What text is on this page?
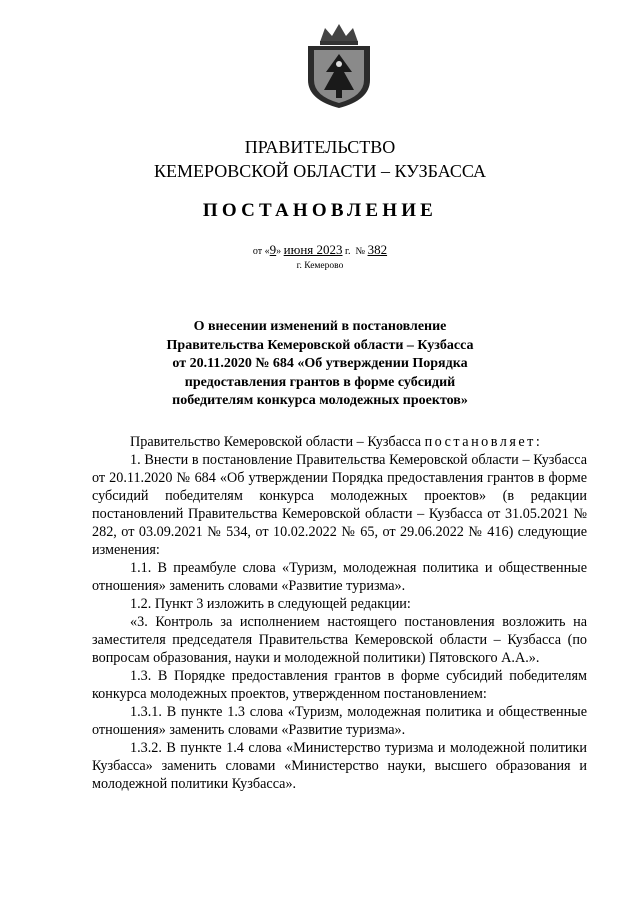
ПРАВИТЕЛЬСТВО
КЕМЕРОВСКОЙ ОБЛАСТИ – КУЗБАССА
ПОСТАНОВЛЕНИЕ
от «9» июня 2023 г. № 382
г. Кемерово
О внесении изменений в постановление
Правительства Кемеровской области – Кузбасса
от 20.11.2020 № 684 «Об утверждении Порядка
предоставления грантов в форме субсидий
победителям конкурса молодежных проектов»

Правительство Кемеровской области – Кузбасса постановляет:

1. Внести в постановление Правительства Кемеровской области – Кузбасса от 20.11.2020 № 684 «Об утверждении Порядка предоставления грантов в форме субсидий победителям конкурса молодежных проектов» (в редакции постановлений Правительства Кемеровской области – Кузбасса от 31.05.2021 № 282, от 03.09.2021 № 534, от 10.02.2022 № 65, от 29.06.2022 № 416) следующие изменения:

1.1. В преамбуле слова «Туризм, молодежная политика и общественные отношения» заменить словами «Развитие туризма».

1.2. Пункт 3 изложить в следующей редакции:

«3. Контроль за исполнением настоящего постановления возложить на заместителя председателя Правительства Кемеровской области – Кузбасса (по вопросам образования, науки и молодежной политики) Пятовского А.А.».

1.3. В Порядке предоставления грантов в форме субсидий победителям конкурса молодежных проектов, утвержденном постановлением:

1.3.1. В пункте 1.3 слова «Туризм, молодежная политика и общественные отношения» заменить словами «Развитие туризма».

1.3.2. В пункте 1.4 слова «Министерство туризма и молодежной политики Кузбасса» заменить словами «Министерство науки, высшего образования и молодежной политики Кузбасса».
